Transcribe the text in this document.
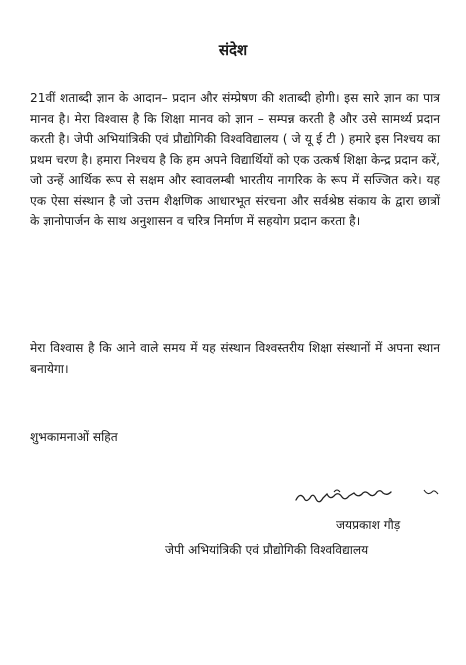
संदेश

21वीं शताब्दी ज्ञान के आदान– प्रदान और संम्प्रेषण की शताब्दी होगी। इस सारे ज्ञान का पात्र मानव है। मेरा विश्वास है कि शिक्षा मानव को ज्ञान – सम्पन्न करती है और उसे सामर्थ्य प्रदान करती है। जेपी अभियांत्रिकी एवं प्रौद्योगिकी विश्वविद्यालय ( जे यू ई टी ) हमारे इस निश्चय का प्रथम चरण है। हमारा निश्चय है कि हम अपने विद्यार्थियों को एक उत्कर्ष शिक्षा केन्द्र प्रदान करें, जो उन्हें आर्थिक रूप से सक्षम और स्वावलम्बी भारतीय नागरिक के रूप में सज्जित करे। यह एक ऐसा संस्थान है जो उत्तम शैक्षणिक आधारभूत संरचना और सर्वश्रेष्ठ संकाय के द्वारा छात्रों के ज्ञानोपार्जन के साथ अनुशासन व चरित्र निर्माण में सहयोग प्रदान करता है।

मेरा विश्वास है कि आने वाले समय में यह संस्थान विश्वस्तरीय शिक्षा संस्थानों में अपना स्थान बनायेगा।

शुभकामनाओं सहित
जयप्रकाश गौड़
जेपी अभियांत्रिकी एवं प्रौद्योगिकी विश्वविद्यालय
